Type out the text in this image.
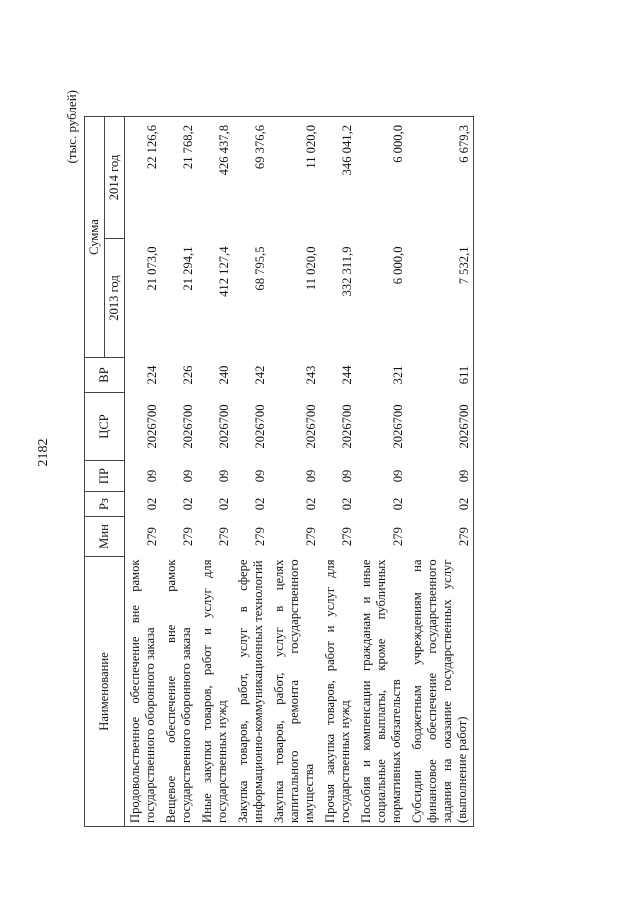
2182
(тыс. рублей)
Наименование	Мин	Рз	ПР	ЦСР	ВР	Сумма	
						2013 год	2014 год
Продовольственное обеспечение вне рамок государственного оборонного заказа	279	02	09	2026700	224	21 073,0	22 126,6
Вещевое обеспечение вне рамок государственного оборонного заказа	279	02	09	2026700	226	21 294,1	21 768,2
Иные закупки товаров, работ и услуг для государственных нужд	279	02	09	2026700	240	412 127,4	426 437,8
Закупка товаров, работ, услуг в сфере информационно-коммуникационных технологий	279	02	09	2026700	242	68 795,5	69 376,6
Закупка товаров, работ, услуг в целях капитального ремонта государственного имущества	279	02	09	2026700	243	11 020,0	11 020,0
Прочая закупка товаров, работ и услуг для государственных нужд	279	02	09	2026700	244	332 311,9	346 041,2
Пособия и компенсации гражданам и иные социальные выплаты, кроме публичных нормативных обязательств	279	02	09	2026700	321	6 000,0	6 000,0
Субсидии бюджетным учреждениям на финансовое обеспечение государственного задания на оказание государственных услуг (выполнение работ)	279	02	09	2026700	611	7 532,1	6 679,3
